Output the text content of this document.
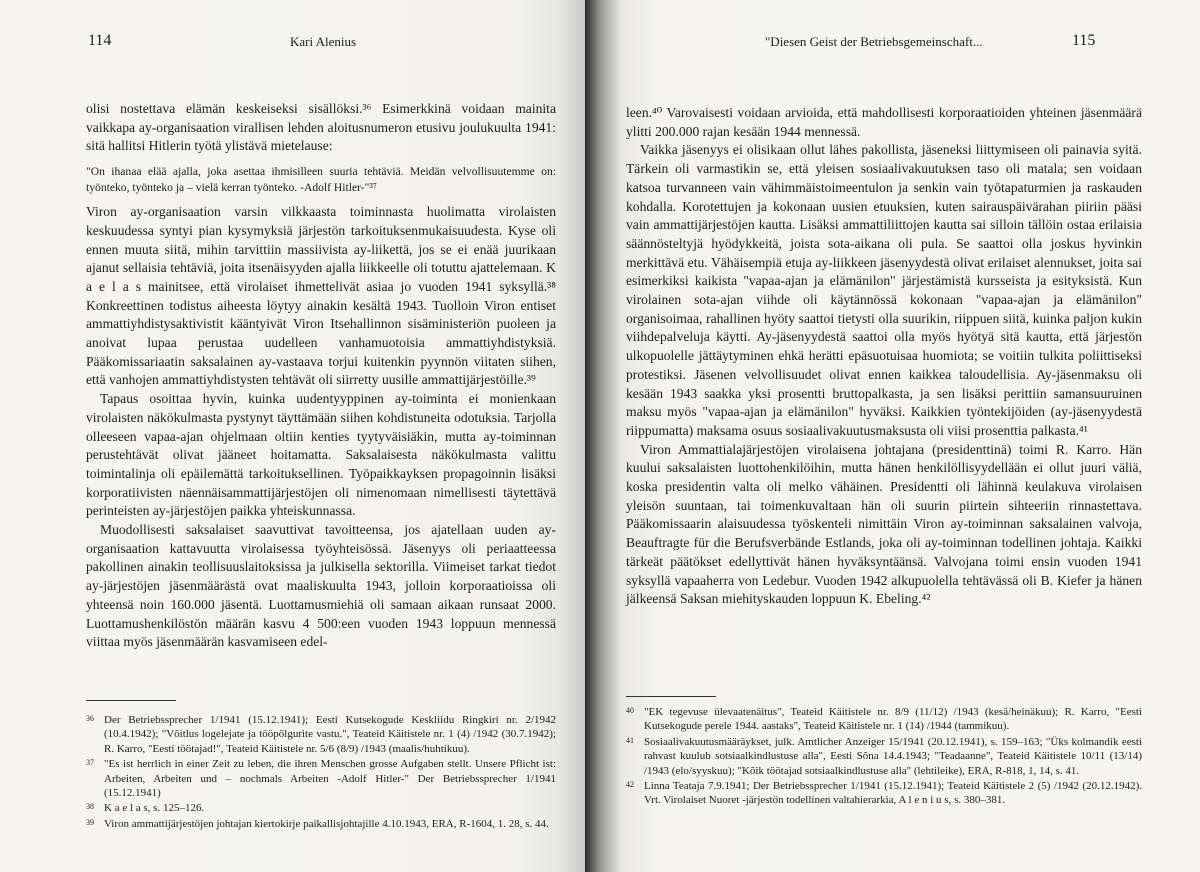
114	Kari Alenius

olisi nostettava elämän keskeiseksi sisällöksi.³⁶ Esimerkkinä voidaan mainita vaikkapa ay-organisaation virallisen lehden aloitusnumeron etusivu joulukuulta 1941: sitä hallitsi Hitlerin työtä ylistävä mietelause:

"On ihanaa elää ajalla, joka asettaa ihmisilleen suuria tehtäviä. Meidän velvollisuutemme on: työnteko, työnteko ja – vielä kerran työnteko. -Adolf Hitler-"³⁷

Viron ay-organisaation varsin vilkkaasta toiminnasta huolimatta virolaisten keskuudessa syntyi pian kysymyksiä järjestön tarkoituksenmukaisuudesta. Kyse oli ennen muuta siitä, mihin tarvittiin massiivista ay-liikettä, jos se ei enää juurikaan ajanut sellaisia tehtäviä, joita itsenäisyyden ajalla liikkeelle oli totuttu ajattelemaan. K a e l a s mainitsee, että virolaiset ihmettelivät asiaa jo vuoden 1941 syksyllä.³⁸ Konkreettinen todistus aiheesta löytyy ainakin kesältä 1943. Tuolloin Viron entiset ammattiyhdistysaktivistit kääntyivät Viron Itsehallinnon sisäministeriön puoleen ja anoivat lupaa perustaa uudelleen vanhamuotoisia ammattiyhdistyksiä. Pääkomissariaatin saksalainen ay-vastaava torjui kuitenkin pyynnön viitaten siihen, että vanhojen ammattiyhdistysten tehtävät oli siirretty uusille ammattijärjestöille.³⁹

Tapaus osoittaa hyvin, kuinka uudentyyppinen ay-toiminta ei monienkaan virolaisten näkökulmasta pystynyt täyttämään siihen kohdistuneita odotuksia. Tarjolla olleeseen vapaa-ajan ohjelmaan oltiin kenties tyytyväisiäkin, mutta ay-toiminnan perustehtävät olivat jääneet hoitamatta. Saksalaisesta näkökulmasta valittu toimintalinja oli epäilemättä tarkoituksellinen. Työpaikkayksen propagoinnin lisäksi korporatiivisten näennäisammattijärjestöjen oli nimenomaan nimellisesti täytettävä perinteisten ay-järjestöjen paikka yhteiskunnassa.

Muodollisesti saksalaiset saavuttivat tavoitteensa, jos ajatellaan uuden ay-organisaation kattavuutta virolaisessa työyhteisössä. Jäsenyys oli periaatteessa pakollinen ainakin teollisuuslaitoksissa ja julkisella sektorilla. Viimeiset tarkat tiedot ay-järjestöjen jäsenmäärästä ovat maaliskuulta 1943, jolloin korporaatioissa oli yhteensä noin 160.000 jäsentä. Luottamusmiehiä oli samaan aikaan runsaat 2000. Luottamushenkilöstön määrän kasvu 4 500:een vuoden 1943 loppuun mennessä viittaa myös jäsenmäärän kasvamiseen edel-

36 Der Betriebssprecher 1/1941 (15.12.1941); Eesti Kutsekogude Keskliidu Ringkiri nr. 2/1942 (10.4.1942); "Võitlus logelejate ja tööpõlgurite vastu.", Teateid Käitistele nr. 1 (4) /1942 (30.7.1942); R. Karro, "Eesti töötajad!", Teateid Käitistele nr. 5/6 (8/9) /1943 (maalis/huhtikuu).
37 "Es ist herrlich in einer Zeit zu leben, die ihren Menschen grosse Aufgaben stellt. Unsere Pflicht ist: Arbeiten, Arbeiten und – nochmals Arbeiten -Adolf Hitler-" Der Betriebssprecher 1/1941 (15.12.1941)
38 K a e l a s, s. 125–126.
39 Viron ammattijärjestöjen johtajan kiertokirje paikallisjohtajille 4.10.1943, ERA, R-1604, 1. 28, s. 44.
"Diesen Geist der Betriebsgemeinschaft...	115

leen.⁴⁰ Varovaisesti voidaan arvioida, että mahdollisesti korporaatioiden yhteinen jäsenmäärä ylitti 200.000 rajan kesään 1944 mennessä.

Vaikka jäsenyys ei olisikaan ollut lähes pakollista, jäseneksi liittymiseen oli painavia syitä. Tärkein oli varmastikin se, että yleisen sosiaalivakuutuksen taso oli matala; sen voidaan katsoa turvanneen vain vähimmäistoimeentulon ja senkin vain työtapaturmien ja raskauden kohdalla. Korotettujen ja kokonaan uusien etuuksien, kuten sairauspäivärahan piiriin pääsi vain ammattijärjestöjen kautta. Lisäksi ammattiliittojen kautta sai silloin tällöin ostaa erilaisia säännösteltyjä hyödykkeitä, joista sota-aikana oli pula. Se saattoi olla joskus hyvinkin merkittävä etu. Vähäisempiä etuja ay-liikkeen jäsenyydestä olivat erilaiset alennukset, joita sai esimerkiksi kaikista "vapaa-ajan ja elämänilon" järjestämistä kursseista ja esityksistä. Kun virolainen sota-ajan viihde oli käytännössä kokonaan "vapaa-ajan ja elämänilon" organisoimaa, rahallinen hyöty saattoi tietysti olla suurikin, riippuen siitä, kuinka paljon kukin viihdepalveluja käytti. Ay-jäsenyydestä saattoi olla myös hyötyä sitä kautta, että järjestön ulkopuolelle jättäytyminen ehkä herätti epäsuotuisaa huomiota; se voitiin tulkita poliittiseksi protestiksi. Jäsenen velvollisuudet olivat ennen kaikkea taloudellisia. Ay-jäsenmaksu oli kesään 1943 saakka yksi prosentti bruttopalkasta, ja sen lisäksi perittiin samansuuruinen maksu myös "vapaa-ajan ja elämänilon" hyväksi. Kaikkien työntekijöiden (ay-jäsenyydestä riippumatta) maksama osuus sosiaalivakuutusmaksusta oli viisi prosenttia palkasta.⁴¹

Viron Ammattialajärjestöjen virolaisena johtajana (presidenttinä) toimi R. Karro. Hän kuului saksalaisten luottohenkilöihin, mutta hänen henkilöllisyydellään ei ollut juuri väliä, koska presidentin valta oli melko vähäinen. Presidentti oli lähinnä keulakuva virolaisen yleisön suuntaan, tai toimenkuvaltaan hän oli suurin piirtein sihteeriin rinnastettava. Pääkomissaarin alaisuudessa työskenteli nimittäin Viron ay-toiminnan saksalainen valvoja, Beauftragte für die Berufsverbände Estlands, joka oli ay-toiminnan todellinen johtaja. Kaikki tärkeät päätökset edellyttivät hänen hyväksyntäänsä. Valvojana toimi ensin vuoden 1941 syksyllä vapaaherra von Ledebur. Vuoden 1942 alkupuolella tehtävässä oli B. Kiefer ja hänen jälkeensä Saksan miehityskauden loppuun K. Ebeling.⁴²

40 "EK tegevuse ülevaatenäitus", Teateid Käitistele nr. 8/9 (11/12) /1943 (kesä/heinäkuu); R. Karro, "Eesti Kutsekogude perele 1944. aastaks", Teateid Käitistele nr. 1 (14) /1944 (tammikuu).
41 Sosiaalivakuutusmääräykset, julk. Amtlicher Anzeiger 15/1941 (20.12.1941), s. 159–163; "Üks kolmandik eesti rahvast kuulub sotsiaalkindlustuse alla", Eesti Sõna 14.4.1943; "Teadaanne", Teateid Käitistele 10/11 (13/14) /1943 (elo/syyskuu); "Kõik töötajad sotsiaalkindlustuse alla" (lehtileike), ERA, R-818, 1, 14, s. 41.
42 Linna Teataja 7.9.1941; Der Betriebssprecher 1/1941 (15.12.1941); Teateid Käitistele 2 (5) /1942 (20.12.1942). Vrt. Virolaiset Nuoret -järjestön todellinen valtahierarkia, A l e n i u s, s. 380–381.
